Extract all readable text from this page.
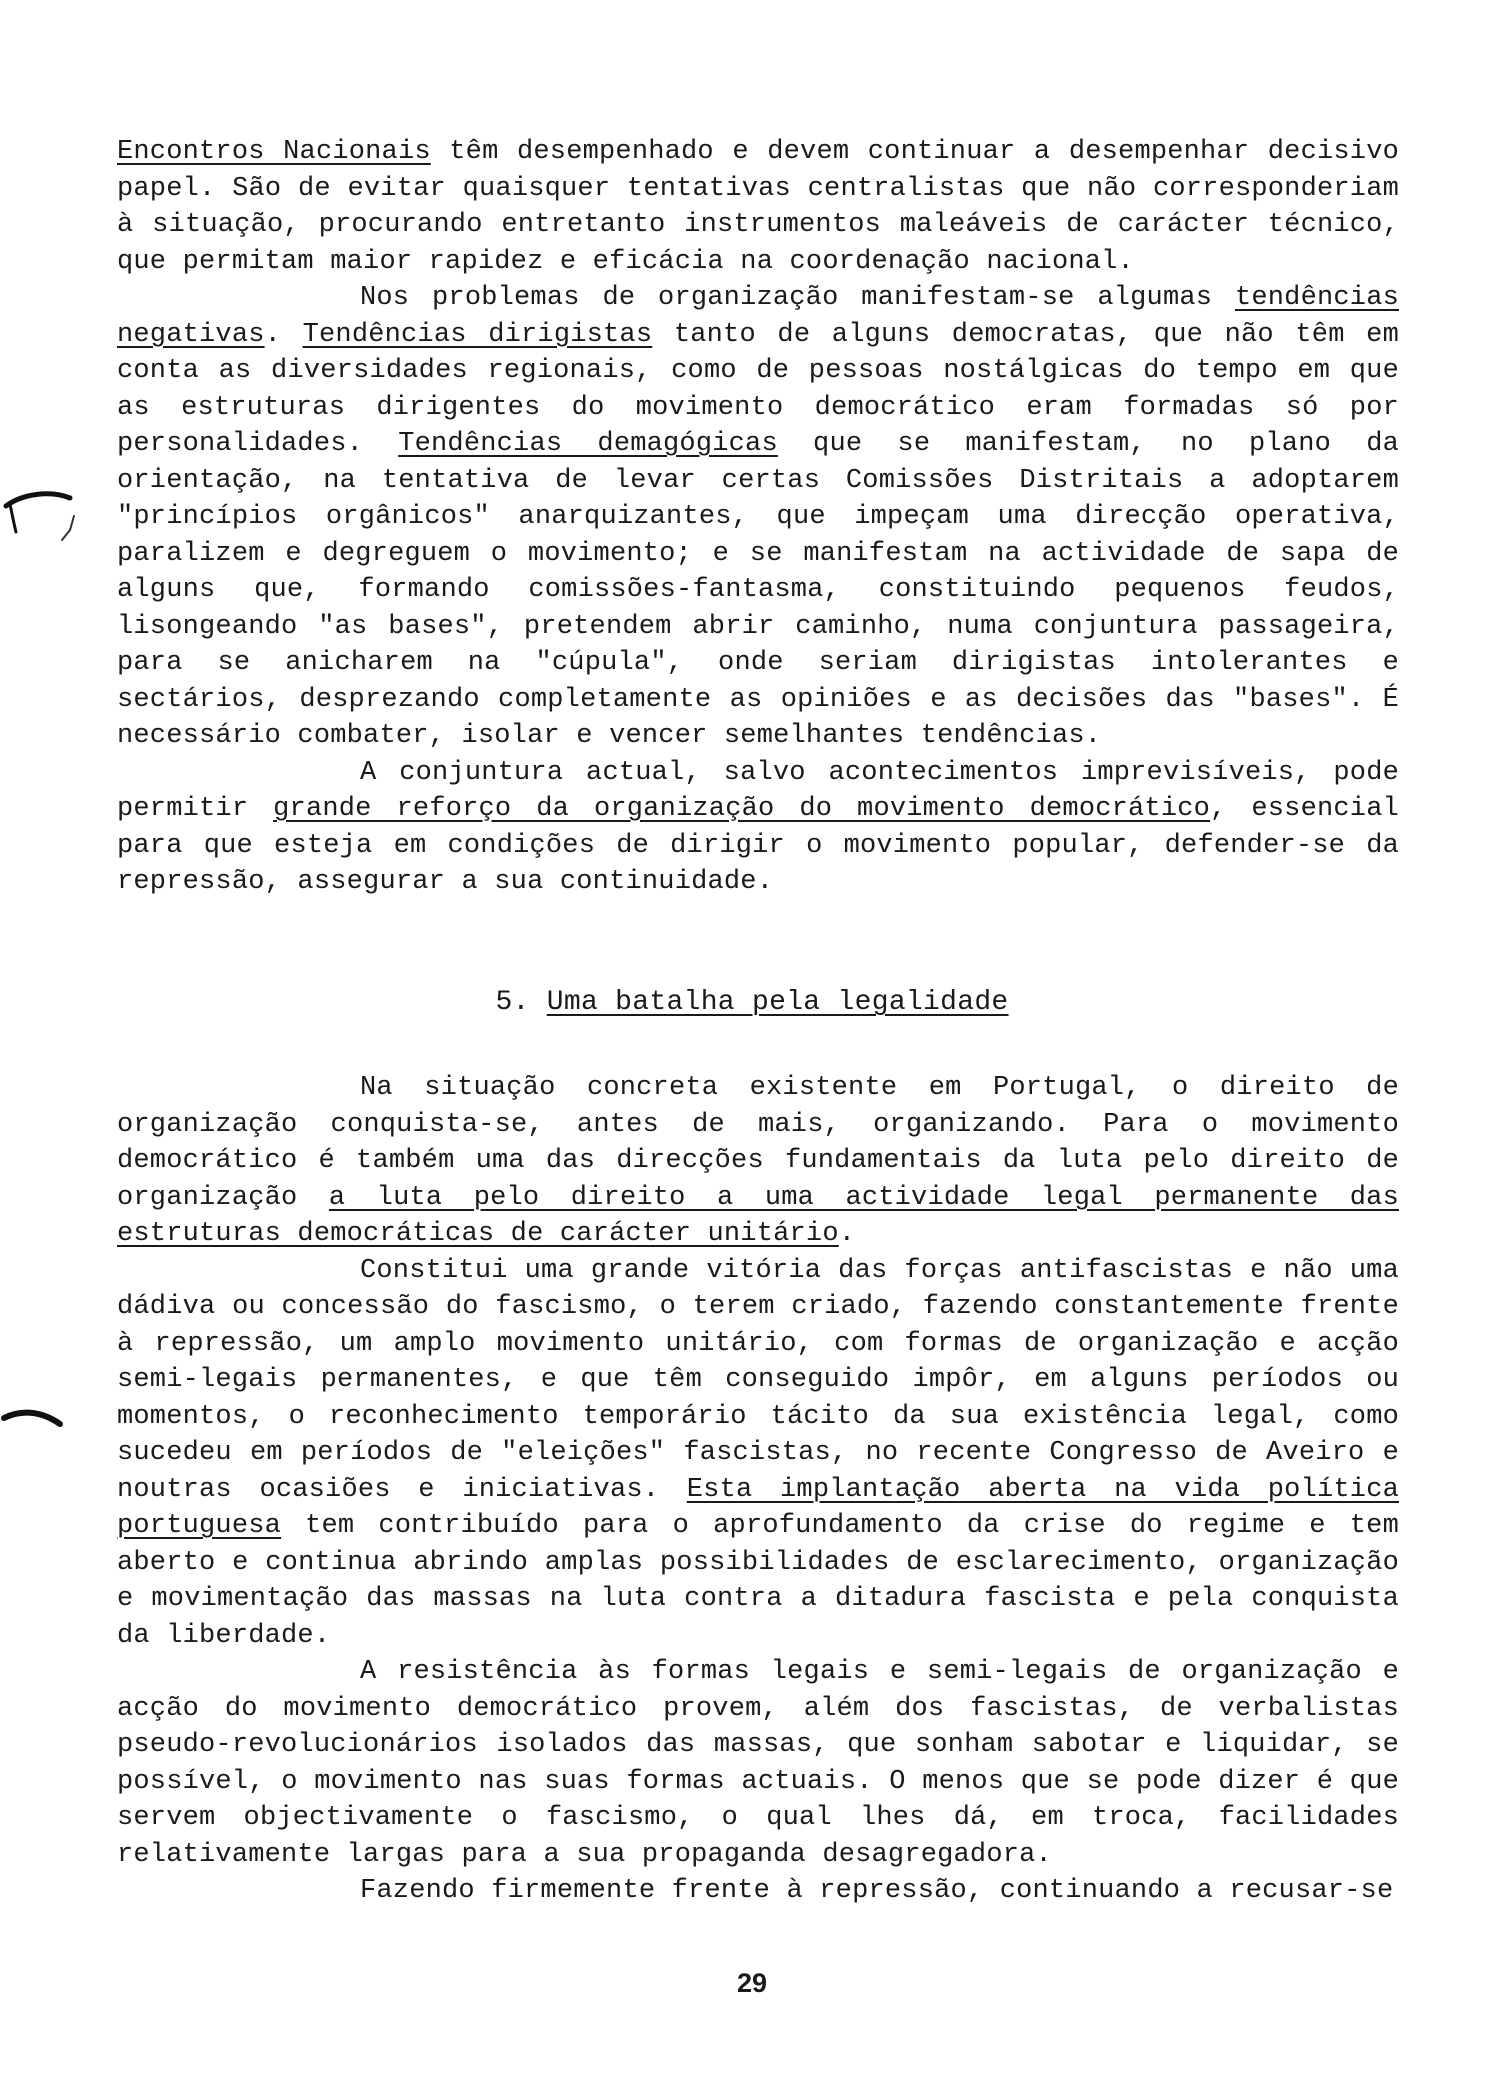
Encontros Nacionais têm desempenhado e devem continuar a desempenhar decisivo papel. São de evitar quaisquer tentativas centralistas que não corresponderiam à situação, procurando entretanto instrumentos maleáveis de carácter técnico, que permitam maior rapidez e eficácia na coordenação nacional.

Nos problemas de organização manifestam-se algumas tendências negativas. Tendências dirigistas tanto de alguns democratas, que não têm em conta as diversidades regionais, como de pessoas nostálgicas do tempo em que as estruturas dirigentes do movimento democrático eram formadas só por personalidades. Tendências demagógicas que se manifestam, no plano da orientação, na tentativa de levar certas Comissões Distritais a adoptarem "princípios orgânicos" anarquizantes, que impeçam uma direcção operativa, paralizem e degreguem o movimento; e se manifestam na actividade de sapa de alguns que, formando comissões-fantasma, constituindo pequenos feudos, lisongeando "as bases", pretendem abrir caminho, numa conjuntura passageira, para se anicharem na "cúpula", onde seriam dirigistas intolerantes e sectários, desprezando completamente as opiniões e as decisões das "bases". É necessário combater, isolar e vencer semelhantes tendências.

A conjuntura actual, salvo acontecimentos imprevisíveis, pode permitir grande reforço da organização do movimento democrático, essencial para que esteja em condições de dirigir o movimento popular, defender-se da repressão, assegurar a sua continuidade.

5. Uma batalha pela legalidade

Na situação concreta existente em Portugal, o direito de organização conquista-se, antes de mais, organizando. Para o movimento democrático é também uma das direcções fundamentais da luta pelo direito de organização a luta pelo direito a uma actividade legal permanente das estruturas democráticas de carácter unitário.

Constitui uma grande vitória das forças antifascistas e não uma dádiva ou concessão do fascismo, o terem criado, fazendo constantemente frente à repressão, um amplo movimento unitário, com formas de organização e acção semi-legais permanentes, e que têm conseguido impôr, em alguns períodos ou momentos, o reconhecimento temporário tácito da sua existência legal, como sucedeu em períodos de "eleições" fascistas, no recente Congresso de Aveiro e noutras ocasiões e iniciativas. Esta implantação aberta na vida política portuguesa tem contribuído para o aprofundamento da crise do regime e tem aberto e continua abrindo amplas possibilidades de esclarecimento, organização e movimentação das massas na luta contra a ditadura fascista e pela conquista da liberdade.

A resistência às formas legais e semi-legais de organização e acção do movimento democrático provem, além dos fascistas, de verbalistas pseudo-revolucionários isolados das massas, que sonham sabotar e liquidar, se possível, o movimento nas suas formas actuais. O menos que se pode dizer é que servem objectivamente o fascismo, o qual lhes dá, em troca, facilidades relativamente largas para a sua propaganda desagregadora.

Fazendo firmemente frente à repressão, continuando a recusar-se

29
